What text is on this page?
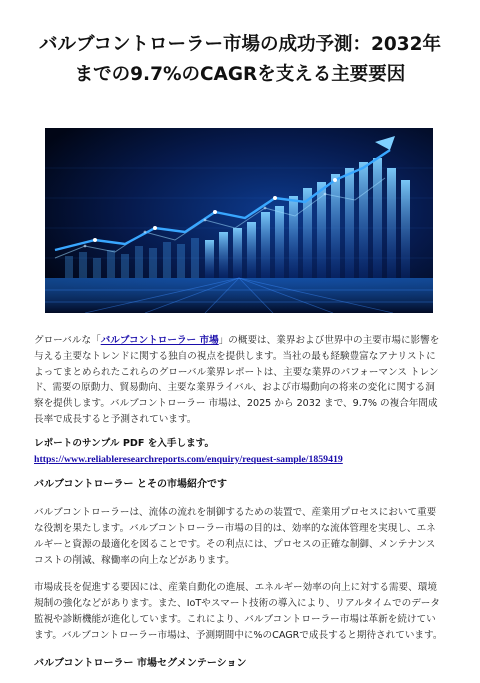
バルブコントローラー市場の成功予測：2032年
までの9.7%のCAGRを支える主要要因

グローバルな「バルブコントローラー 市場」の概要は、業界および世界中の主要市場に影響を与える主要なトレンドに関する独自の視点を提供します。当社の最も経験豊富なアナリストによってまとめられたこれらのグローバル業界レポートは、主要な業界のパフォーマンス トレンド、需要の原動力、貿易動向、主要な業界ライバル、および市場動向の将来の変化に関する洞察を提供します。バルブコントローラー 市場は、2025 から 2032 まで、9.7% の複合年間成長率で成長すると予測されています。

レポートのサンプル PDF を入手します。

https://www.reliableresearchreports.com/enquiry/request-sample/1859419

バルブコントローラー とその市場紹介です

バルブコントローラーは、流体の流れを制御するための装置で、産業用プロセスにおいて重要な役割を果たします。バルブコントローラー市場の目的は、効率的な流体管理を実現し、エネルギーと資源の最適化を図ることです。その利点には、プロセスの正確な制御、メンテナンスコストの削減、稼働率の向上などがあります。

市場成長を促進する要因には、産業自動化の進展、エネルギー効率の向上に対する需要、環境規制の強化などがあります。また、IoTやスマート技術の導入により、リアルタイムでのデータ監視や診断機能が進化しています。これにより、バルブコントローラー市場は革新を続けています。バルブコントローラー市場は、予測期間中に%のCAGRで成長すると期待されています。

バルブコントローラー 市場セグメンテーション
